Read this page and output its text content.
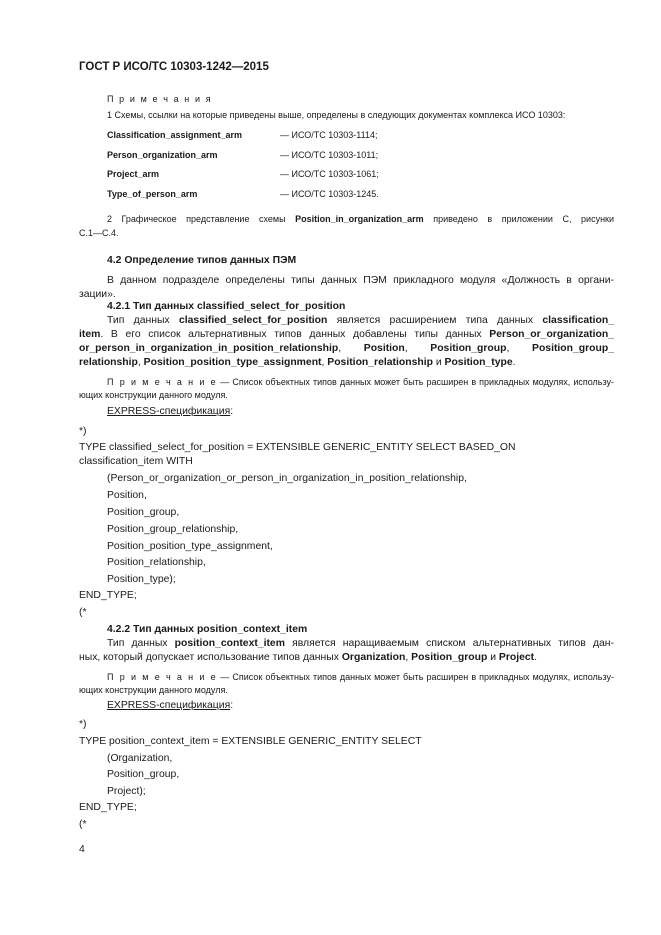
ГОСТ Р ИСО/ТС 10303-1242—2015
П р и м е ч а н и я
1 Схемы, ссылки на которые приведены выше, определены в следующих документах комплекса ИСО 10303:
Classification_assignment_arm	— ИСО/ТС 10303-1114;
Person_organization_arm	— ИСО/ТС 10303-1011;
Project_arm	— ИСО/ТС 10303-1061;
Type_of_person_arm	— ИСО/ТС 10303-1245.
2 Графическое представление схемы Position_in_organization_arm приведено в приложении С, рисунки
С.1—С.4.
4.2 Определение типов данных ПЭМ
В данном подразделе определены типы данных ПЭМ прикладного модуля «Должность в органи-
зации».
4.2.1 Тип данных classified_select_for_position
Тип данных classified_select_for_position является расширением типа данных classification_
item. В его список альтернативных типов данных добавлены типы данных Person_or_organization_
or_person_in_organization_in_position_relationship, Position, Position_group, Position_group_
relationship, Position_position_type_assignment, Position_relationship и Position_type.
П р и м е ч а н и е — Список объектных типов данных может быть расширен в прикладных модулях, использу-
ющих конструкции данного модуля.
EXPRESS-спецификация:
*)
TYPE classified_select_for_position = EXTENSIBLE GENERIC_ENTITY SELECT BASED_ON
classification_item WITH
(Person_or_organization_or_person_in_organization_in_position_relationship,
Position,
Position_group,
Position_group_relationship,
Position_position_type_assignment,
Position_relationship,
Position_type);
END_TYPE;
(*
4.2.2 Тип данных position_context_item
Тип данных position_context_item является наращиваемым списком альтернативных типов дан-
ных, который допускает использование типов данных Organization, Position_group и Project.
П р и м е ч а н и е — Список объектных типов данных может быть расширен в прикладных модулях, использу-
ющих конструкции данного модуля.
EXPRESS-спецификация:
*)
TYPE position_context_item = EXTENSIBLE GENERIC_ENTITY SELECT
(Organization,
Position_group,
Project);
END_TYPE;
(*
4
